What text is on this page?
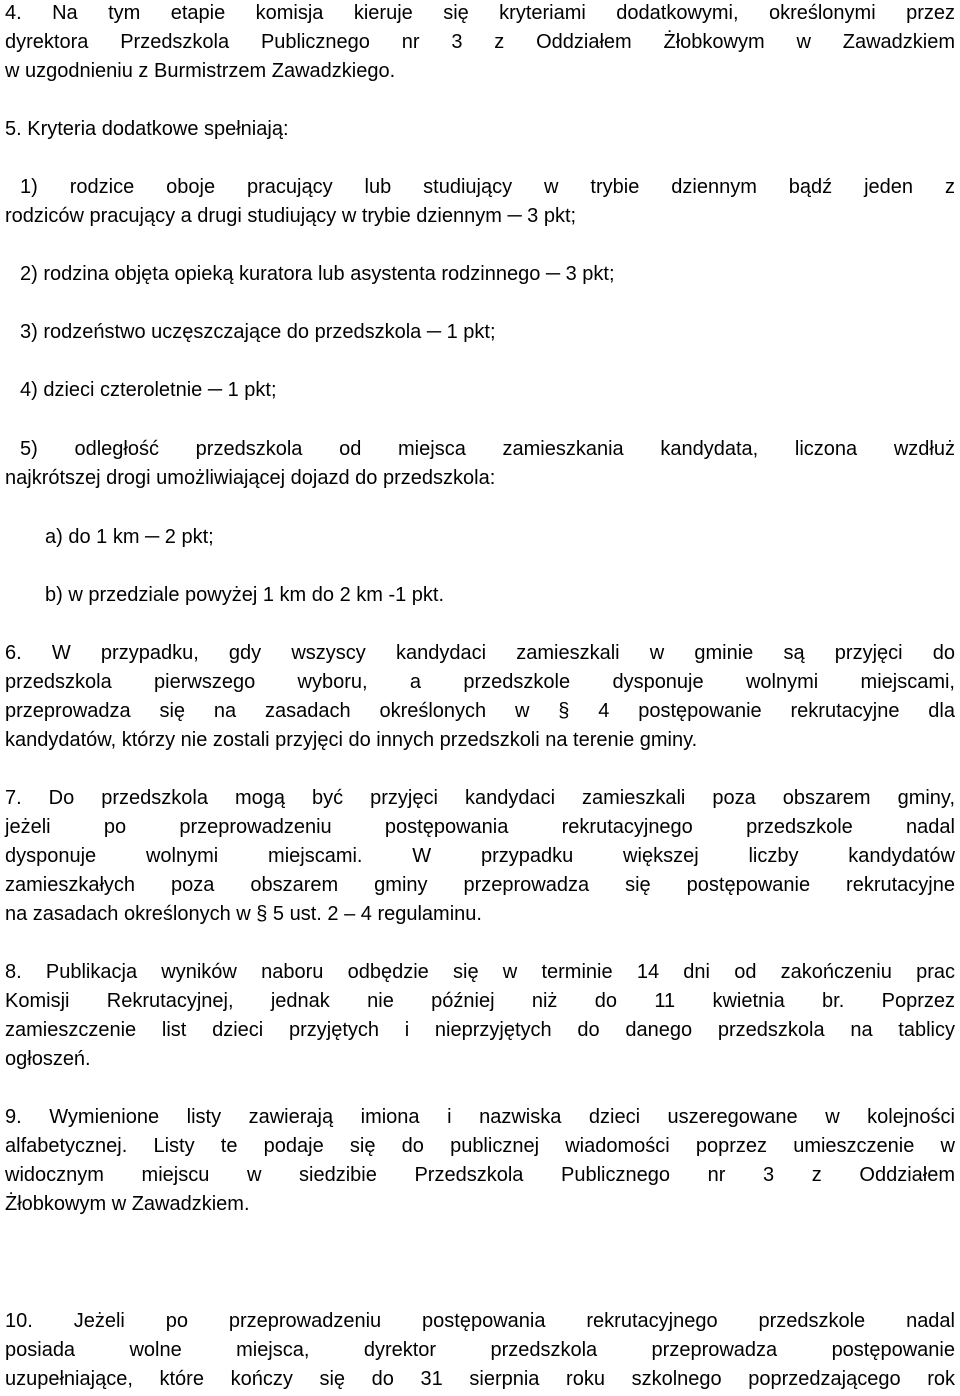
4. Na tym etapie komisja kieruje się kryteriami dodatkowymi, określonymi przez

dyrektora Przedszkola Publicznego nr 3 z Oddziałem Żłobkowym w Zawadzkiem

w uzgodnieniu z Burmistrzem Zawadzkiego.

5. Kryteria dodatkowe spełniają:

1) rodzice oboje pracujący lub studiujący w trybie dziennym bądź jeden z

rodziców pracujący a drugi studiujący w trybie dziennym ─ 3 pkt;

2) rodzina objęta opieką kuratora lub asystenta rodzinnego ─ 3 pkt;

3) rodzeństwo uczęszczające do przedszkola ─ 1 pkt;

4) dzieci czteroletnie ─ 1 pkt;

5) odległość przedszkola od miejsca zamieszkania kandydata, liczona wzdłuż

najkrótszej drogi umożliwiającej dojazd do przedszkola:

a) do 1 km ─ 2 pkt;

b) w przedziale powyżej 1 km do 2 km -1 pkt.

6. W przypadku, gdy wszyscy kandydaci zamieszkali w gminie są przyjęci do

przedszkola pierwszego wyboru, a przedszkole dysponuje wolnymi miejscami,

przeprowadza się na zasadach określonych w § 4 postępowanie rekrutacyjne dla

kandydatów, którzy nie zostali przyjęci do innych przedszkoli na terenie gminy.

7. Do przedszkola mogą być przyjęci kandydaci zamieszkali poza obszarem gminy,

jeżeli po przeprowadzeniu postępowania rekrutacyjnego przedszkole nadal

dysponuje wolnymi miejscami. W przypadku większej liczby kandydatów

zamieszkałych poza obszarem gminy przeprowadza się postępowanie rekrutacyjne

na zasadach określonych w § 5 ust. 2 – 4 regulaminu.

8. Publikacja wyników naboru odbędzie się w terminie 14 dni od zakończeniu prac

Komisji Rekrutacyjnej, jednak nie później niż do 11 kwietnia br. Poprzez

zamieszczenie list dzieci przyjętych i nieprzyjętych do danego przedszkola na tablicy

ogłoszeń.

9. Wymienione listy zawierają imiona i nazwiska dzieci uszeregowane w kolejności

alfabetycznej. Listy te podaje się do publicznej wiadomości poprzez umieszczenie w

widocznym miejscu w siedzibie Przedszkola Publicznego nr 3 z Oddziałem

Żłobkowym w Zawadzkiem.

10. Jeżeli po przeprowadzeniu postępowania rekrutacyjnego przedszkole nadal

posiada wolne miejsca, dyrektor przedszkola przeprowadza postępowanie

uzupełniające, które kończy się do 31 sierpnia roku szkolnego poprzedzającego rok
